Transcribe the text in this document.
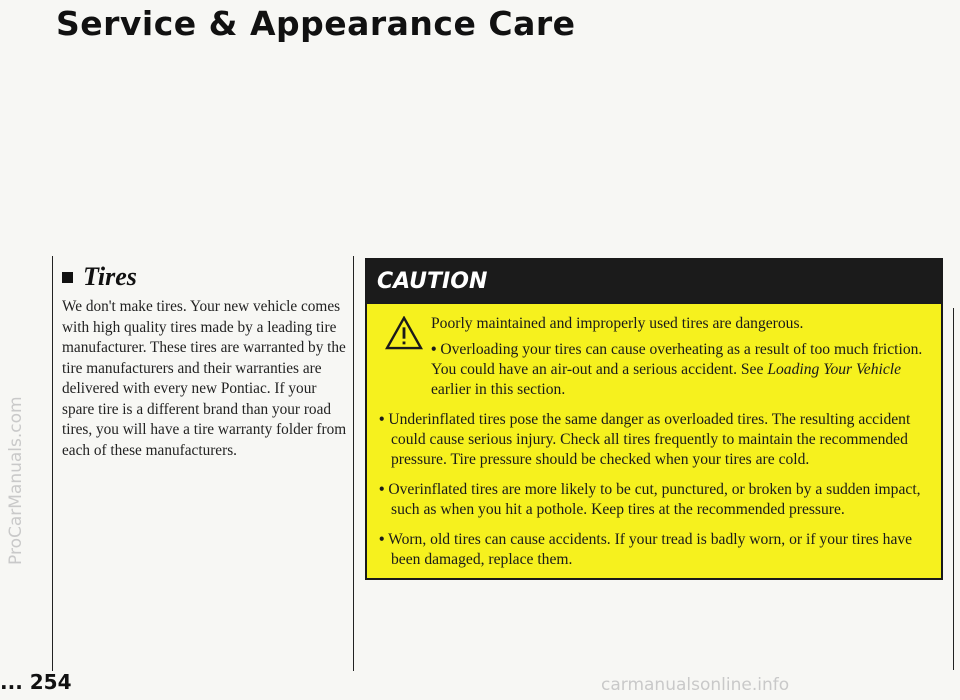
Service & Appearance Care
ProCarManuals.com
Tires
We don't make tires. Your new vehicle comes with high quality tires made by a leading tire manufacturer. These tires are warranted by the tire manufacturers and their warranties are delivered with every new Pontiac. If your spare tire is a different brand than your road tires, you will have a tire warranty folder from each of these manufacturers.
CAUTION
Poorly maintained and improperly used tires are dangerous.

• Overloading your tires can cause overheating as a result of too much friction. You could have an air-out and a serious accident. See Loading Your Vehicle earlier in this section.

• Underinflated tires pose the same danger as overloaded tires. The resulting accident could cause serious injury. Check all tires frequently to maintain the recommended pressure. Tire pressure should be checked when your tires are cold.

• Overinflated tires are more likely to be cut, punctured, or broken by a sudden impact, such as when you hit a pothole. Keep tires at the recommended pressure.

• Worn, old tires can cause accidents. If your tread is badly worn, or if your tires have been damaged, replace them.

... 254	carmanualsonline.info
